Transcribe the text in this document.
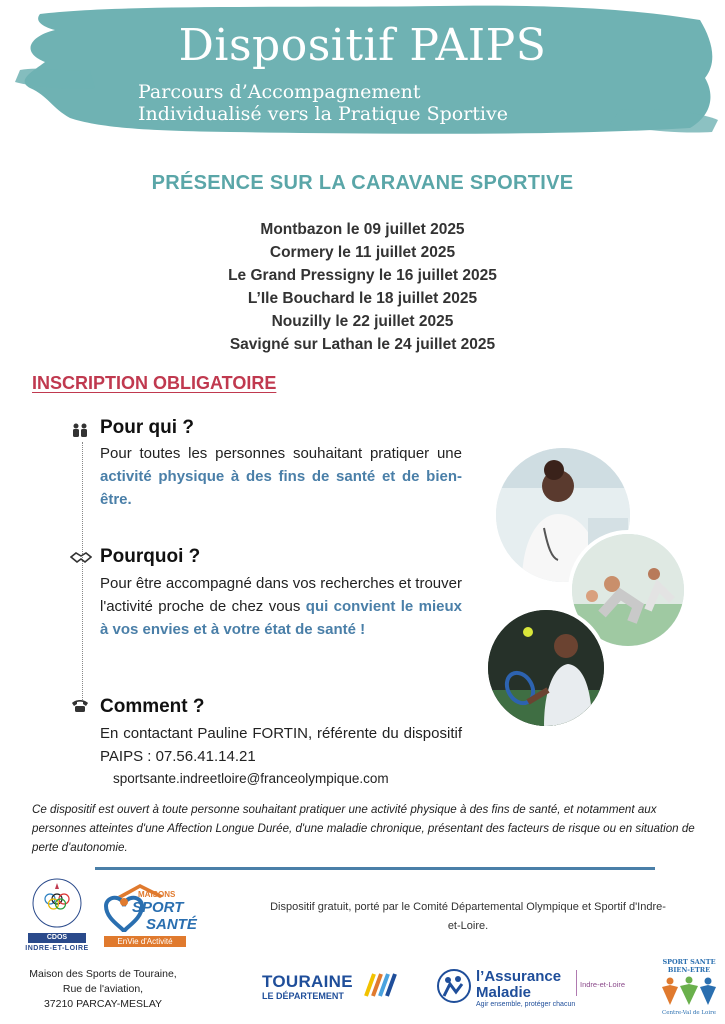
Dispositif PAIPS
Parcours d’Accompagnement
Individualisé vers la Pratique Sportive
PRÉSENCE SUR LA CARAVANE SPORTIVE
Montbazon le 09 juillet 2025
Cormery le 11 juillet 2025
Le Grand Pressigny le 16 juillet 2025
L’Ile Bouchard le 18 juillet 2025
Nouzilly le 22 juillet 2025
Savigné sur Lathan le 24 juillet 2025
INSCRIPTION OBLIGATOIRE
Pour qui ?
Pour toutes les personnes souhaitant pratiquer une activité physique à des fins de santé et de bien-être.
Pourquoi ?
Pour être accompagné dans vos recherches et trouver l'activité proche de chez vous qui convient le mieux à vos envies et à votre état de santé !
Comment ?
En contactant Pauline FORTIN, référente du dispositif PAIPS : 07.56.41.14.21
sportsante.indreetloire@franceolympique.com
Ce dispositif est ouvert à toute personne souhaitant pratiquer une activité physique à des fins de santé, et notamment aux personnes atteintes d'une Affection Longue Durée, d'une maladie chronique, présentant des facteurs de risque ou en situation de perte d'autonomie.
CDOS
INDRE-ET-LOIRE
MAISONS
SPORT
SANTÉ
EnVie d'Activité
Dispositif gratuit, porté par le Comité Départemental Olympique et Sportif d'Indre-et-Loire.
Maison des Sports de Touraine,
Rue de l'aviation,
37210 PARCAY-MESLAY
TOURAINE
LE DÉPARTEMENT
l’Assurance
Maladie
Agir ensemble, protéger chacun
Indre-et-Loire
SPORT SANTE
BIEN-ETRE
Centre-Val de Loire
